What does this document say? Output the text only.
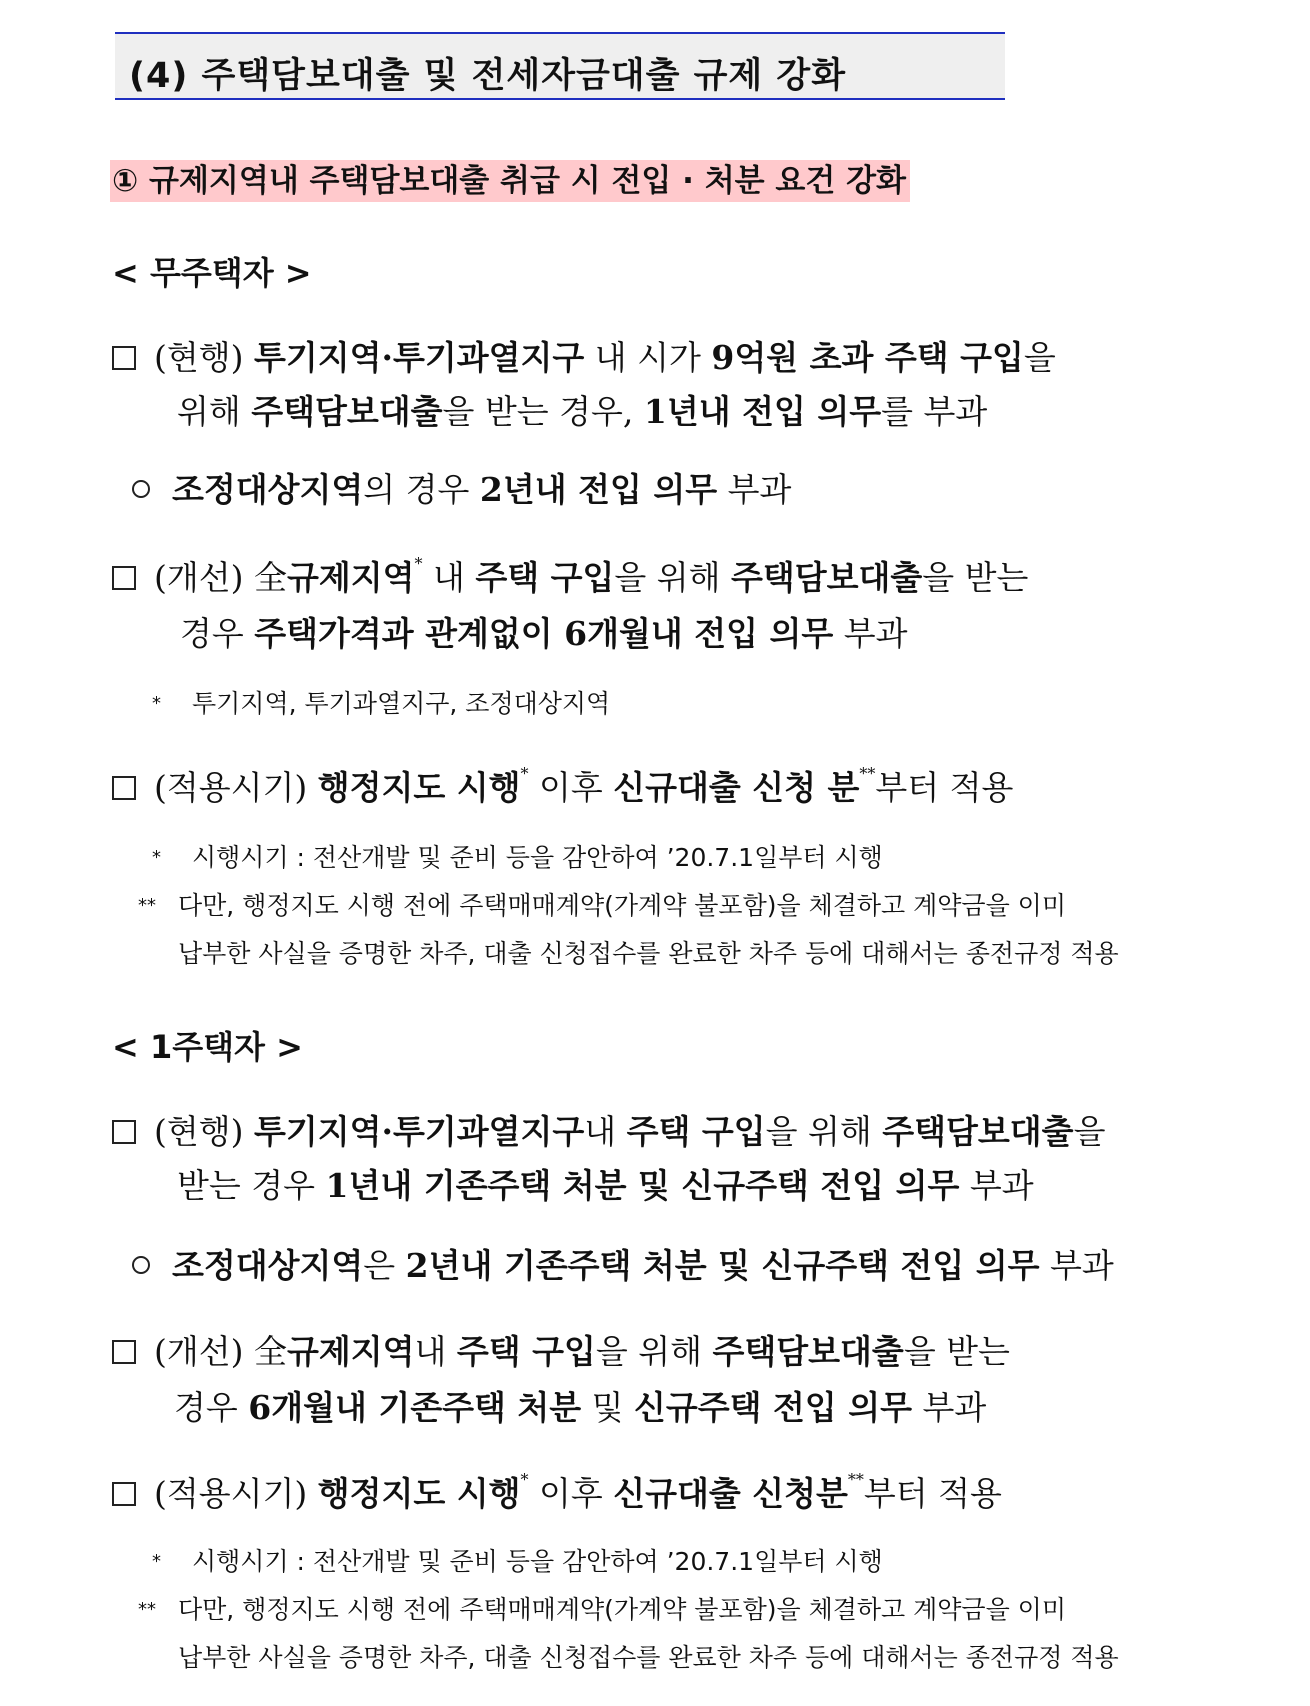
(4) 주택담보대출 및 전세자금대출 규제 강화
① 규제지역내 주택담보대출 취급 시 전입 · 처분 요건 강화
< 무주택자 >
(현행) 투기지역·투기과열지구 내 시가 9억원 초과 주택 구입을
위해 주택담보대출을 받는 경우, 1년내 전입 의무를 부과
조정대상지역의 경우 2년내 전입 의무 부과
(개선) 全규제지역* 내 주택 구입을 위해 주택담보대출을 받는
경우 주택가격과 관계없이 6개월내 전입 의무 부과
* 투기지역, 투기과열지구, 조정대상지역
(적용시기) 행정지도 시행* 이후 신규대출 신청 분**부터 적용
* 시행시기 : 전산개발 및 준비 등을 감안하여 ’20.7.1일부터 시행
** 다만, 행정지도 시행 전에 주택매매계약(가계약 불포함)을 체결하고 계약금을 이미
납부한 사실을 증명한 차주, 대출 신청접수를 완료한 차주 등에 대해서는 종전규정 적용
< 1주택자 >
(현행) 투기지역·투기과열지구내 주택 구입을 위해 주택담보대출을
받는 경우 1년내 기존주택 처분 및 신규주택 전입 의무 부과
조정대상지역은 2년내 기존주택 처분 및 신규주택 전입 의무 부과
(개선) 全규제지역내 주택 구입을 위해 주택담보대출을 받는
경우 6개월내 기존주택 처분 및 신규주택 전입 의무 부과
(적용시기) 행정지도 시행* 이후 신규대출 신청분**부터 적용
* 시행시기 : 전산개발 및 준비 등을 감안하여 ’20.7.1일부터 시행
** 다만, 행정지도 시행 전에 주택매매계약(가계약 불포함)을 체결하고 계약금을 이미
납부한 사실을 증명한 차주, 대출 신청접수를 완료한 차주 등에 대해서는 종전규정 적용
